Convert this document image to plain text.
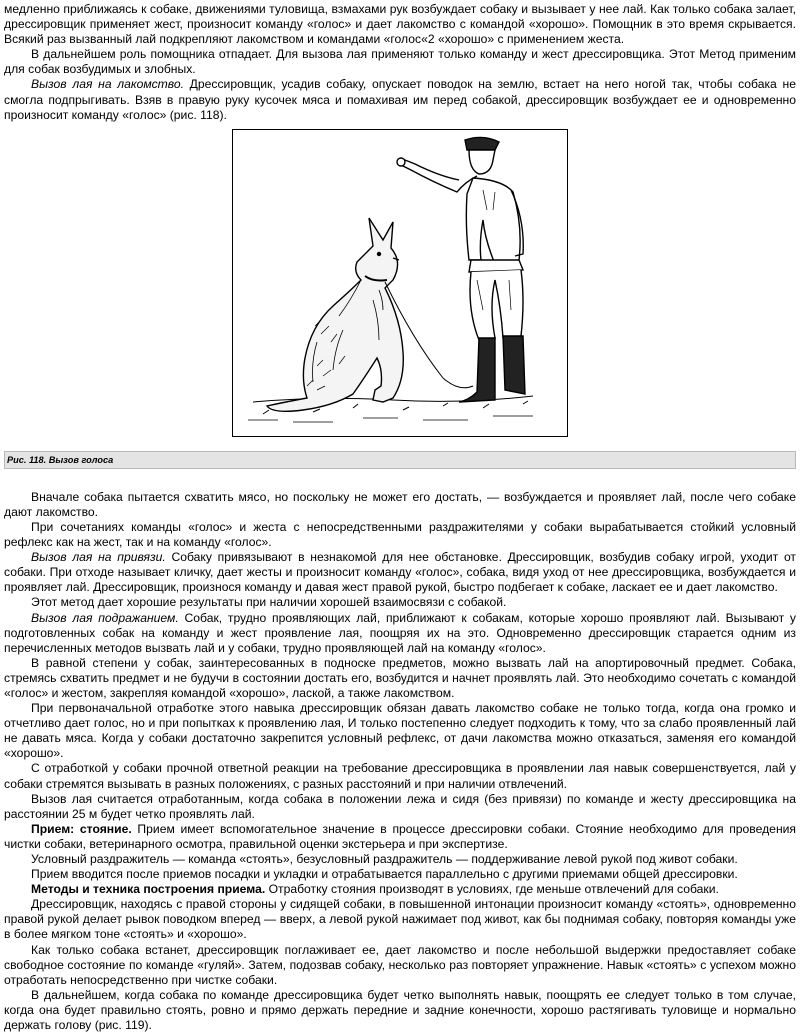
медленно приближаясь к собаке, движениями туловища, взмахами рук возбуждает собаку и вызывает у нее лай. Как только собака залает, дрессировщик применяет жест, произносит команду «голос» и дает лакомство с командой «хорошо». Помощник в это время скрывается. Всякий раз вызванный лай подкрепляют лакомством и командами «голос«2 «хорошо» с применением жеста.

В дальнейшем роль помощника отпадает. Для вызова лая применяют только команду и жест дрессировщика. Этот Метод применим для собак возбудимых и злобных.

Вызов лая на лакомство. Дрессировщик, усадив собаку, опускает поводок на землю, встает на него ногой так, чтобы собака не смогла подпрыгивать. Взяв в правую руку кусочек мяса и помахивая им перед собакой, дрессировщик возбуждает ее и одновременно произносит команду «голос» (рис. 118).

Рис. 118. Вызов голоса

Вначале собака пытается схватить мясо, но поскольку не может его достать, — возбуждается и проявляет лай, после чего собаке дают лакомство.

При сочетаниях команды «голос» и жеста с непосредственными раздражителями у собаки вырабатывается стойкий условный рефлекс как на жест, так и на команду «голос».

Вызов лая на привязи. Собаку привязывают в незнакомой для нее обстановке. Дрессировщик, возбудив собаку игрой, уходит от собаки. При отходе называет кличку, дает жесты и произносит команду «голос», собака, видя уход от нее дрессировщика, возбуждается и проявляет лай. Дрессировщик, произнося команду и давая жест правой рукой, быстро подбегает к собаке, ласкает ее и дает лакомство.

Этот метод дает хорошие результаты при наличии хорошей взаимосвязи с собакой.

Вызов лая подражанием. Собак, трудно проявляющих лай, приближают к собакам, которые хорошо проявляют лай. Вызывают у подготовленных собак на команду и жест проявление лая, поощряя их на это. Одновременно дрессировщик старается одним из перечисленных методов вызвать лай и у собаки, трудно проявляющей лай на команду «голос».

В равной степени у собак, заинтересованных в подноске предметов, можно вызвать лай на апортировочный предмет. Собака, стремясь схватить предмет и не будучи в состоянии достать его, возбудится и начнет проявлять лай. Это необходимо сочетать с командой «голос» и жестом, закрепляя командой «хорошо», лаской, а также лакомством.

При первоначальной отработке этого навыка дрессировщик обязан давать лакомство собаке не только тогда, когда она громко и отчетливо дает голос, но и при попытках к проявлению лая, И только постепенно следует подходить к тому, что за слабо проявленный лай не давать мяса. Когда у собаки достаточно закрепится условный рефлекс, от дачи лакомства можно отказаться, заменяя его командой «хорошо».

С отработкой у собаки прочной ответной реакции на требование дрессировщика в проявлении лая навык совершенствуется, лай у собаки стремятся вызывать в разных положениях, с разных расстояний и при наличии отвлечений.

Вызов лая считается отработанным, когда собака в положении лежа и сидя (без привязи) по команде и жесту дрессировщика на расстоянии 25 м будет четко проявлять лай.

Прием: стояние. Прием имеет вспомогательное значение в процессе дрессировки собаки. Стояние необходимо для проведения чистки собаки, ветеринарного осмотра, правильной оценки экстерьера и при экспертизе.

Условный раздражитель — команда «стоять», безусловный раздражитель — поддерживание левой рукой под живот собаки.

Прием вводится после приемов посадки и укладки и отрабатывается параллельно с другими приемами общей дрессировки.

Методы и техника построения приема. Отработку стояния производят в условиях, где меньше отвлечений для собаки.

Дрессировщик, находясь с правой стороны у сидящей собаки, в повышенной интонации произносит команду «стоять», одновременно правой рукой делает рывок поводком вперед — вверх, а левой рукой нажимает под живот, как бы поднимая собаку, повторяя команды уже в более мягком тоне «стоять» и «хорошо».

Как только собака встанет, дрессировщик поглаживает ее, дает лакомство и после небольшой выдержки предоставляет собаке свободное состояние по команде «гуляй». Затем, подозвав собаку, несколько раз повторяет упражнение. Навык «стоять» с успехом можно отработать непосредственно при чистке собаки.

В дальнейшем, когда собака по команде дрессировщика будет четко выполнять навык, поощрять ее следует только в том случае, когда она будет правильно стоять, ровно и прямо держать передние и задние конечности, хорошо растягивать туловище и нормально держать голову (рис. 119).
